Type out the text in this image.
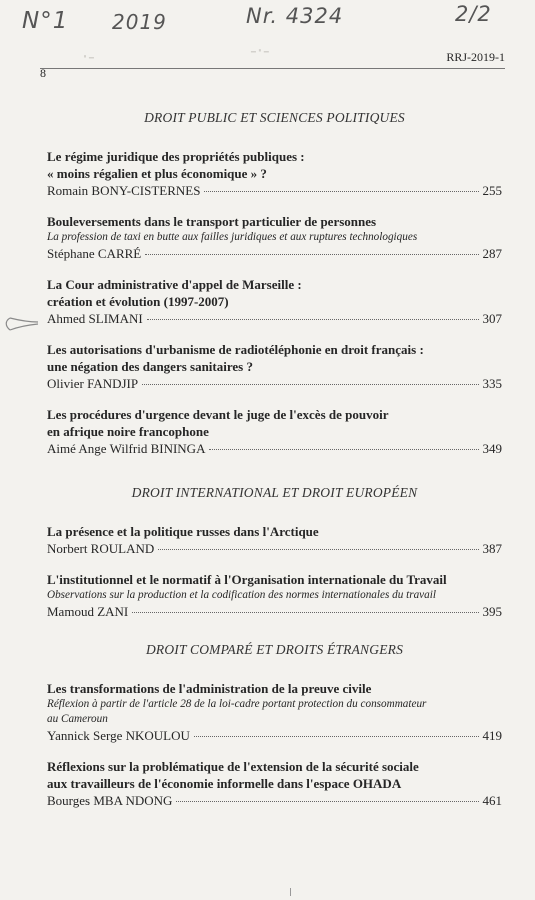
N°1 2019	Nr. 4324	2/2
·-	-·-	RRJ-2019-1
8
DROIT PUBLIC ET SCIENCES POLITIQUES
Le régime juridique des propriétés publiques :
« moins régalien et plus économique » ?
Romain BONY-CISTERNES	255
Bouleversements dans le transport particulier de personnes
La profession de taxi en butte aux failles juridiques et aux ruptures technologiques
Stéphane CARRÉ	287
La Cour administrative d'appel de Marseille :
création et évolution (1997-2007)
Ahmed SLIMANI	307
Les autorisations d'urbanisme de radiotéléphonie en droit français :
une négation des dangers sanitaires ?
Olivier FANDJIP	335
Les procédures d'urgence devant le juge de l'excès de pouvoir
en afrique noire francophone
Aimé Ange Wilfrid BININGA	349
DROIT INTERNATIONAL ET DROIT EUROPÉEN
La présence et la politique russes dans l'Arctique
Norbert ROULAND	387
L'institutionnel et le normatif à l'Organisation internationale du Travail
Observations sur la production et la codification des normes internationales du travail
Mamoud ZANI	395
DROIT COMPARÉ ET DROITS ÉTRANGERS
Les transformations de l'administration de la preuve civile
Réflexion à partir de l'article 28 de la loi-cadre portant protection du consommateur
au Cameroun
Yannick Serge NKOULOU	419
Réflexions sur la problématique de l'extension de la sécurité sociale
aux travailleurs de l'économie informelle dans l'espace OHADA
Bourges MBA NDONG	461
